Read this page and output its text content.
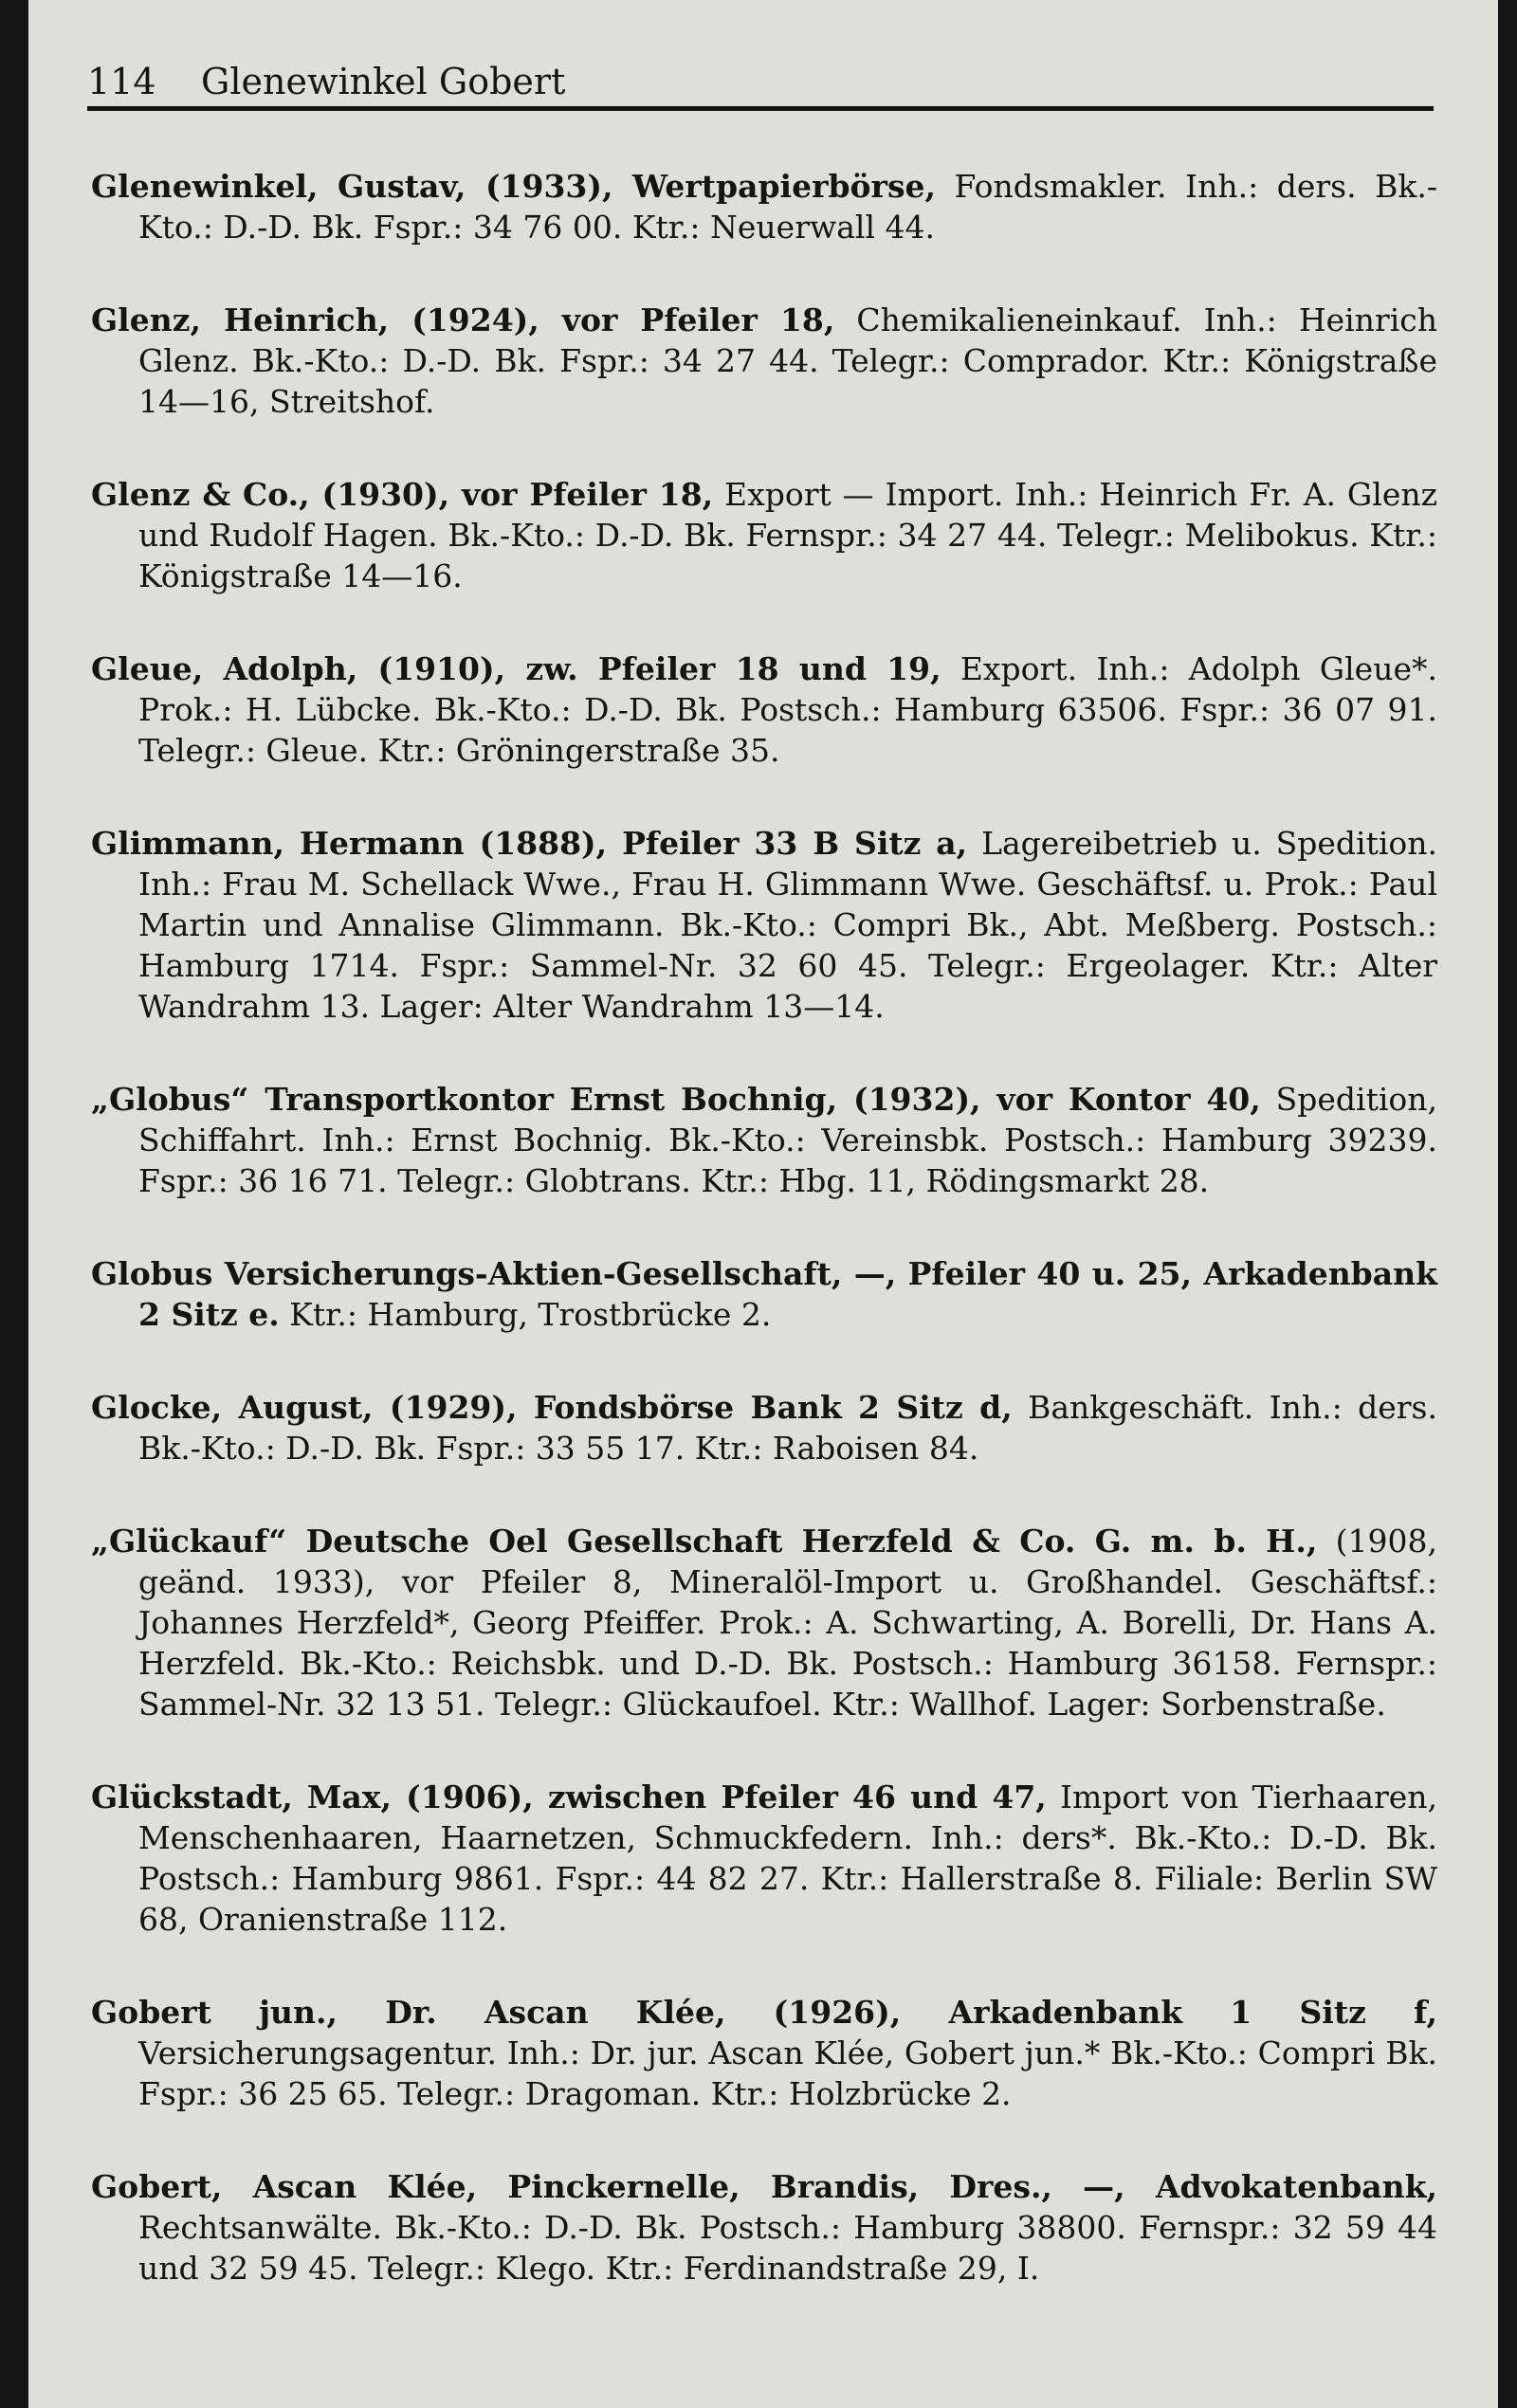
114 Glenewinkel Gobert
Glenewinkel, Gustav, (1933), Wertpapierbörse, Fondsmakler. Inh.: ders. Bk.-Kto.: D.-D. Bk. Fspr.: 34 76 00. Ktr.: Neuerwall 44.
Glenz, Heinrich, (1924), vor Pfeiler 18, Chemikalieneinkauf. Inh.: Heinrich Glenz. Bk.-Kto.: D.-D. Bk. Fspr.: 34 27 44. Telegr.: Comprador. Ktr.: Königstraße 14—16, Streitshof.
Glenz & Co., (1930), vor Pfeiler 18, Export — Import. Inh.: Heinrich Fr. A. Glenz und Rudolf Hagen. Bk.-Kto.: D.-D. Bk. Fernspr.: 34 27 44. Telegr.: Melibokus. Ktr.: Königstraße 14—16.
Gleue, Adolph, (1910), zw. Pfeiler 18 und 19, Export. Inh.: Adolph Gleue*. Prok.: H. Lübcke. Bk.-Kto.: D.-D. Bk. Postsch.: Hamburg 63506. Fspr.: 36 07 91. Telegr.: Gleue. Ktr.: Gröningerstraße 35.
Glimmann, Hermann (1888), Pfeiler 33 B Sitz a, Lagereibetrieb u. Spedition. Inh.: Frau M. Schellack Wwe., Frau H. Glimmann Wwe. Geschäftsf. u. Prok.: Paul Martin und Annalise Glimmann. Bk.-Kto.: Compri Bk., Abt. Meßberg. Postsch.: Hamburg 1714. Fspr.: Sammel-Nr. 32 60 45. Telegr.: Ergeolager. Ktr.: Alter Wandrahm 13. Lager: Alter Wandrahm 13—14.
„Globus“ Transportkontor Ernst Bochnig, (1932), vor Kontor 40, Spedition, Schiffahrt. Inh.: Ernst Bochnig. Bk.-Kto.: Vereinsbk. Postsch.: Hamburg 39239. Fspr.: 36 16 71. Telegr.: Globtrans. Ktr.: Hbg. 11, Rödingsmarkt 28.
Globus Versicherungs-Aktien-Gesellschaft, —, Pfeiler 40 u. 25, Arkadenbank 2 Sitz e. Ktr.: Hamburg, Trostbrücke 2.
Glocke, August, (1929), Fondsbörse Bank 2 Sitz d, Bankgeschäft. Inh.: ders. Bk.-Kto.: D.-D. Bk. Fspr.: 33 55 17. Ktr.: Raboisen 84.
„Glückauf“ Deutsche Oel Gesellschaft Herzfeld & Co. G. m. b. H., (1908, geänd. 1933), vor Pfeiler 8, Mineralöl-Import u. Großhandel. Geschäftsf.: Johannes Herzfeld*, Georg Pfeiffer. Prok.: A. Schwarting, A. Borelli, Dr. Hans A. Herzfeld. Bk.-Kto.: Reichsbk. und D.-D. Bk. Postsch.: Hamburg 36158. Fernspr.: Sammel-Nr. 32 13 51. Telegr.: Glückaufoel. Ktr.: Wallhof. Lager: Sorbenstraße.
Glückstadt, Max, (1906), zwischen Pfeiler 46 und 47, Import von Tierhaaren, Menschenhaaren, Haarnetzen, Schmuckfedern. Inh.: ders*. Bk.-Kto.: D.-D. Bk. Postsch.: Hamburg 9861. Fspr.: 44 82 27. Ktr.: Hallerstraße 8. Filiale: Berlin SW 68, Oranienstraße 112.
Gobert jun., Dr. Ascan Klée, (1926), Arkadenbank 1 Sitz f, Versicherungsagentur. Inh.: Dr. jur. Ascan Klée, Gobert jun.* Bk.-Kto.: Compri Bk. Fspr.: 36 25 65. Telegr.: Dragoman. Ktr.: Holzbrücke 2.
Gobert, Ascan Klée, Pinckernelle, Brandis, Dres., —, Advokatenbank, Rechtsanwälte. Bk.-Kto.: D.-D. Bk. Postsch.: Hamburg 38800. Fernspr.: 32 59 44 und 32 59 45. Telegr.: Klego. Ktr.: Ferdinandstraße 29, I.
